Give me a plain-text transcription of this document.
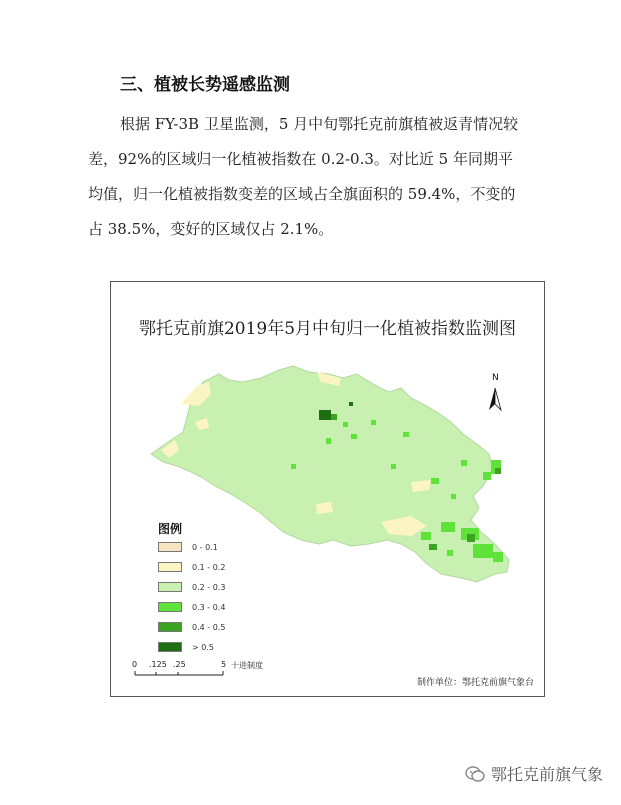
三、植被长势遥感监测
根据 FY-3B 卫星监测，5 月中旬鄂托克前旗植被返青情况较
差，92%的区域归一化植被指数在 0.2-0.3。对比近 5 年同期平
均值，归一化植被指数变差的区域占全旗面积的 59.4%，不变的
占 38.5%，变好的区域仅占 2.1%。
鄂托克前旗2019年5月中旬归一化植被指数监测图
N
图例
0 - 0.1
0.1 - 0.2
0.2 - 0.3
0.3 - 0.4
0.4 - 0.5
> 0.5
0 .125 .25	5 十进制度
制作单位：鄂托克前旗气象台
鄂托克前旗气象
